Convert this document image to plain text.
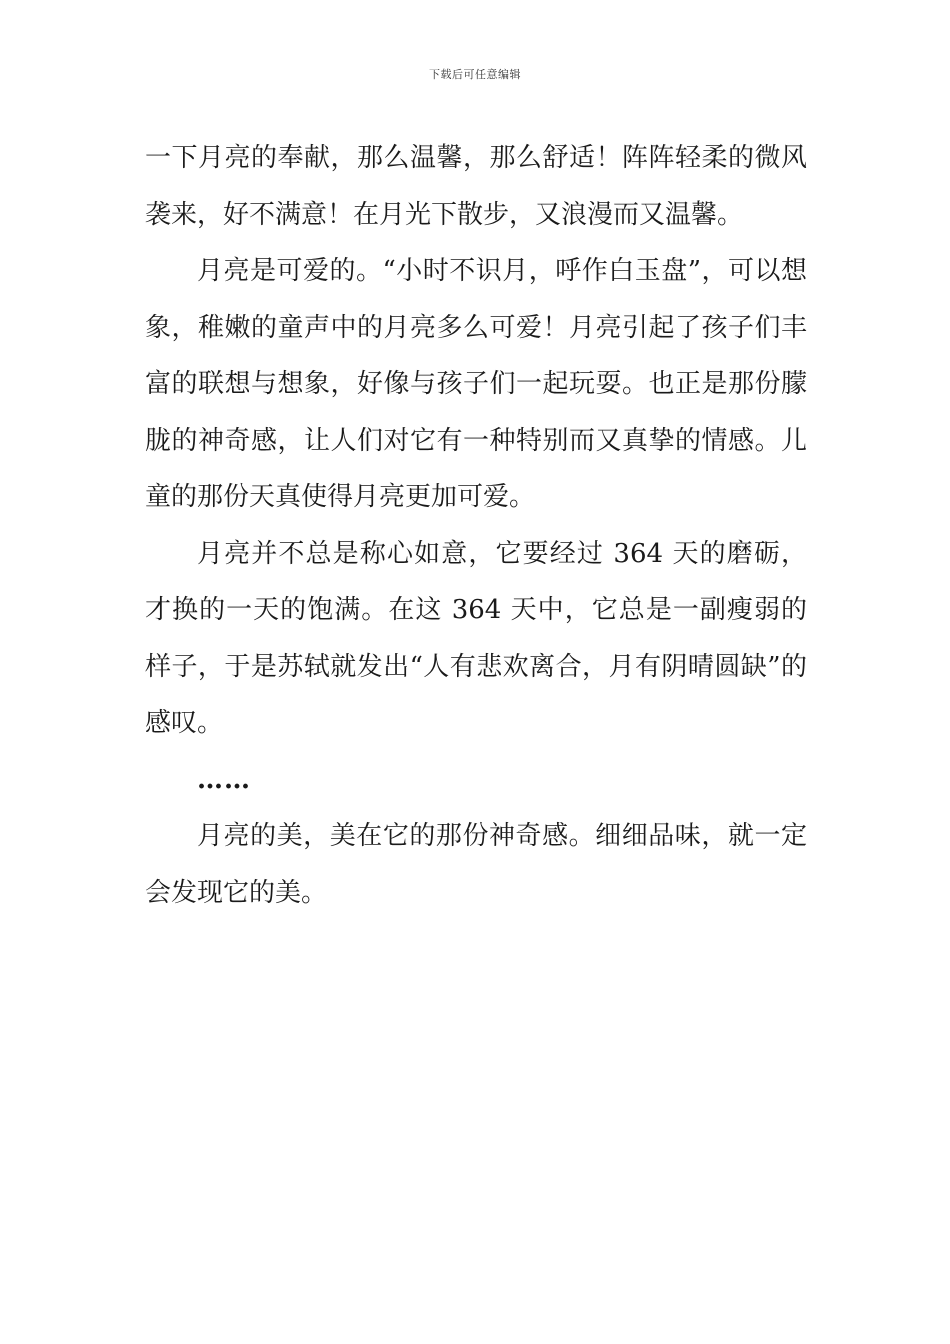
下载后可任意编辑

一下月亮的奉献，那么温馨，那么舒适！阵阵轻柔的微风袭来，好不满意！在月光下散步，又浪漫而又温馨。

月亮是可爱的。“小时不识月，呼作白玉盘”，可以想象，稚嫩的童声中的月亮多么可爱！月亮引起了孩子们丰富的联想与想象，好像与孩子们一起玩耍。也正是那份朦胧的神奇感，让人们对它有一种特别而又真挚的情感。儿童的那份天真使得月亮更加可爱。

月亮并不总是称心如意，它要经过 364 天的磨砺，才换的一天的饱满。在这 364 天中，它总是一副瘦弱的样子，于是苏轼就发出“人有悲欢离合，月有阴晴圆缺”的感叹。

……

月亮的美，美在它的那份神奇感。细细品味，就一定会发现它的美。
